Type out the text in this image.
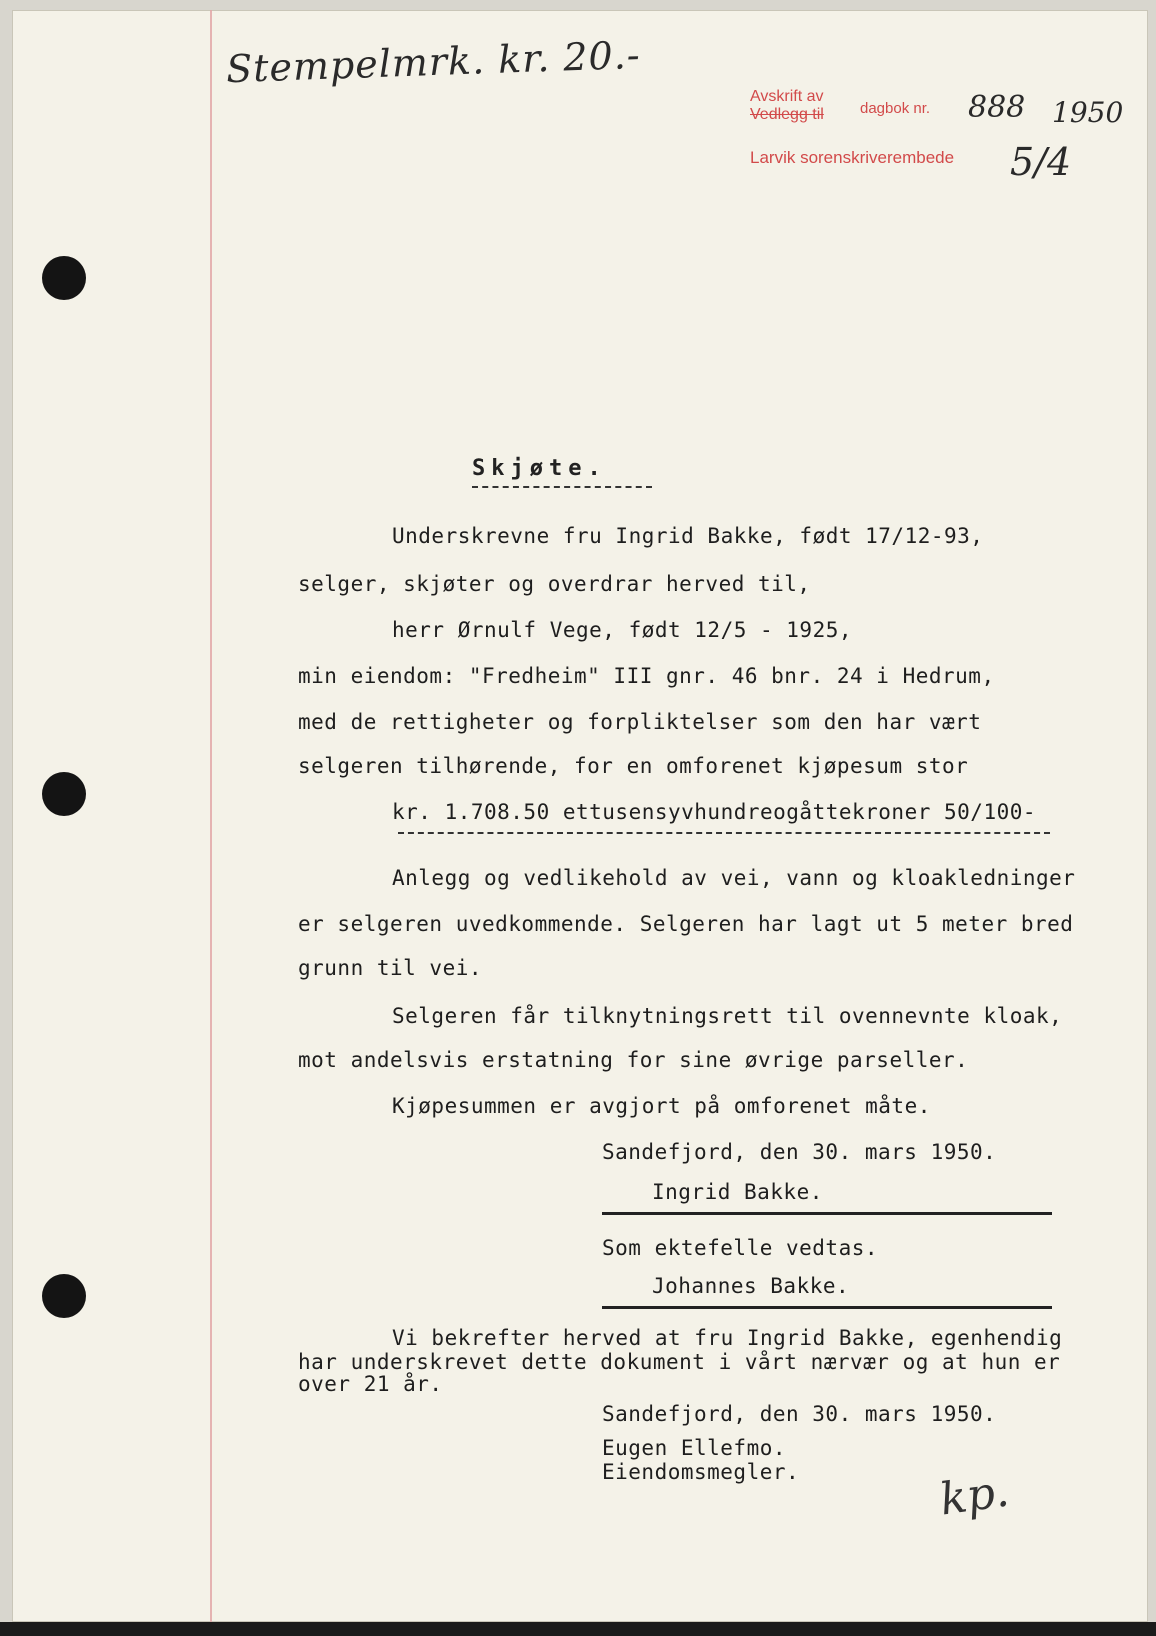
Stempelmrk. kr. 20.-
Avskrift av
Vedlegg til dagbok nr. 888 1950
Larvik sorenskriverembede 5/4
Skjøte.
Underskrevne fru Ingrid Bakke, født 17/12-93,
selger, skjøter og overdrar herved til,
herr Ørnulf Vege, født 12/5 - 1925,
min eiendom: "Fredheim" III gnr. 46 bnr. 24 i Hedrum,
med de rettigheter og forpliktelser som den har vært
selgeren tilhørende, for en omforenet kjøpesum stor
kr. 1.708.50 ettusensyvhundreogåttekroner 50/100-
Anlegg og vedlikehold av vei, vann og kloakledninger
er selgeren uvedkommende. Selgeren har lagt ut 5 meter bred
grunn til vei.
Selgeren får tilknytningsrett til ovennevnte kloak,
mot andelsvis erstatning for sine øvrige parseller.
Kjøpesummen er avgjort på omforenet måte.
Sandefjord, den 30. mars 1950.
Ingrid Bakke.
Som ektefelle vedtas.
Johannes Bakke.
Vi bekrefter herved at fru Ingrid Bakke, egenhendig
har underskrevet dette dokument i vårt nærvær og at hun er
over 21 år.
Sandefjord, den 30. mars 1950.
Eugen Ellefmo.
Eiendomsmegler.	kp.
